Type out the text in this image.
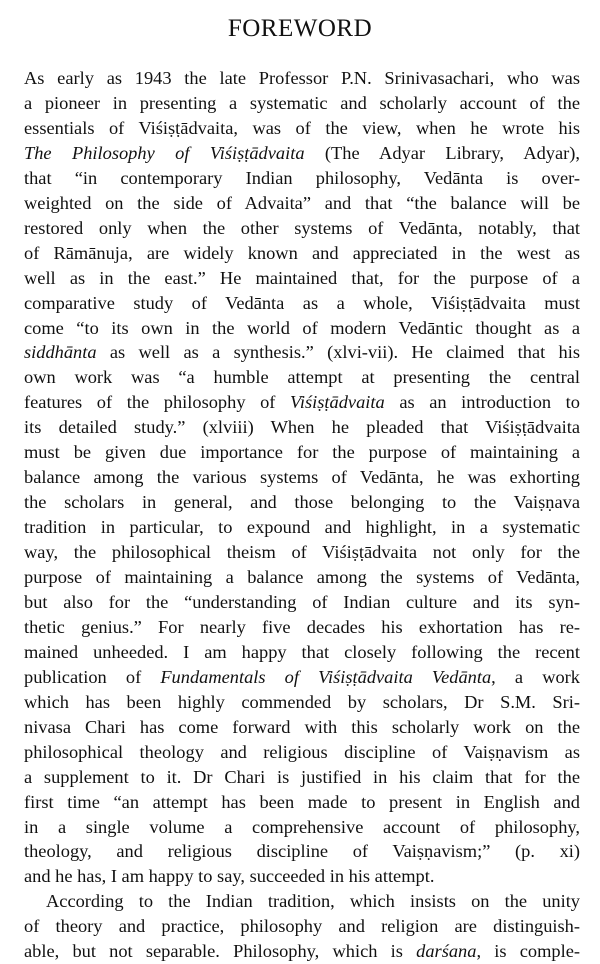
FOREWORD
As early as 1943 the late Professor P.N. Srinivasachari, who was
a pioneer in presenting a systematic and scholarly account of the
essentials of Viśiṣṭādvaita, was of the view, when he wrote his
The Philosophy of Viśiṣṭādvaita (The Adyar Library, Adyar),
that “in contemporary Indian philosophy, Vedānta is over-
weighted on the side of Advaita” and that “the balance will be
restored only when the other systems of Vedānta, notably, that
of Rāmānuja, are widely known and appreciated in the west as
well as in the east.” He maintained that, for the purpose of a
comparative study of Vedānta as a whole, Viśiṣṭādvaita must
come “to its own in the world of modern Vedāntic thought as a
siddhānta as well as a synthesis.” (xlvi-vii). He claimed that his
own work was “a humble attempt at presenting the central
features of the philosophy of Viśiṣṭādvaita as an introduction to
its detailed study.” (xlviii) When he pleaded that Viśiṣṭādvaita
must be given due importance for the purpose of maintaining a
balance among the various systems of Vedānta, he was exhorting
the scholars in general, and those belonging to the Vaiṣṇava
tradition in particular, to expound and highlight, in a systematic
way, the philosophical theism of Viśiṣṭādvaita not only for the
purpose of maintaining a balance among the systems of Vedānta,
but also for the “understanding of Indian culture and its syn-
thetic genius.” For nearly five decades his exhortation has re-
mained unheeded. I am happy that closely following the recent
publication of Fundamentals of Viśiṣṭādvaita Vedānta, a work
which has been highly commended by scholars, Dr S.M. Sri-
nivasa Chari has come forward with this scholarly work on the
philosophical theology and religious discipline of Vaiṣṇavism as
a supplement to it. Dr Chari is justified in his claim that for the
first time “an attempt has been made to present in English and
in a single volume a comprehensive account of philosophy,
theology, and religious discipline of Vaiṣṇavism;” (p. xi)
and he has, I am happy to say, succeeded in his attempt.
According to the Indian tradition, which insists on the unity
of theory and practice, philosophy and religion are distinguish-
able, but not separable. Philosophy, which is darśana, is comple-
